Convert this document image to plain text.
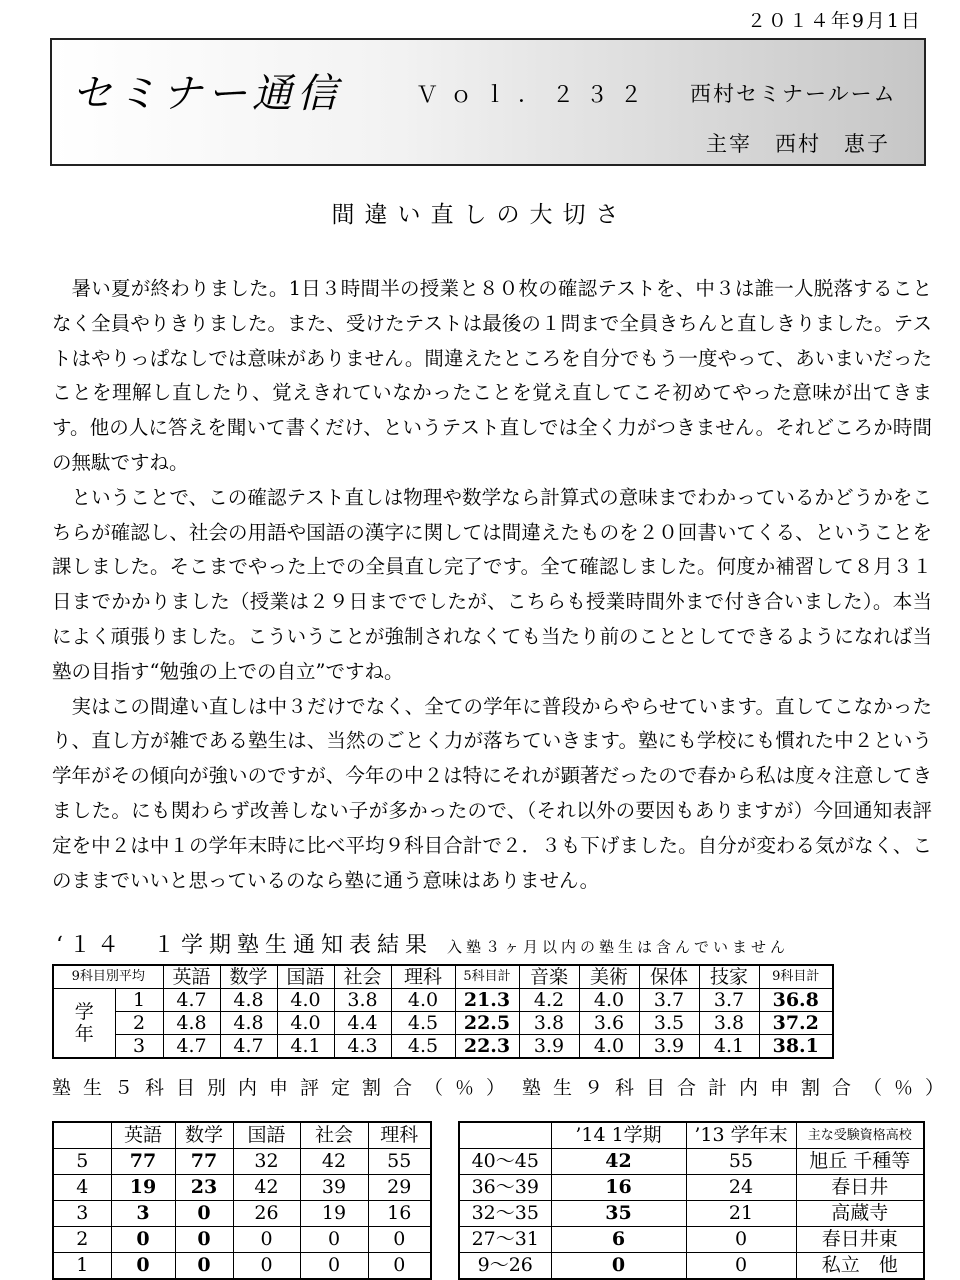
２０１４年9月1日
セミナー通信	Ｖｏｌ．２３２ 西村セミナールーム
主宰　西村　恵子
間違い直しの大切さ

暑い夏が終わりました。1日３時間半の授業と８０枚の確認テストを、中３は誰一人脱落することなく全員やりきりました。また、受けたテストは最後の１問まで全員きちんと直しきりました。テストはやりっぱなしでは意味がありません。間違えたところを自分でもう一度やって、あいまいだったことを理解し直したり、覚えきれていなかったことを覚え直してこそ初めてやった意味が出てきます。他の人に答えを聞いて書くだけ、というテスト直しでは全く力がつきません。それどころか時間の無駄ですね。

ということで、この確認テスト直しは物理や数学なら計算式の意味までわかっているかどうかをこちらが確認し、社会の用語や国語の漢字に関しては間違えたものを２０回書いてくる、ということを課しました。そこまでやった上での全員直し完了です。全て確認しました。何度か補習して８月３１日までかかりました（授業は２９日まででしたが、こちらも授業時間外まで付き合いました）。本当によく頑張りました。こういうことが強制されなくても当たり前のこととしてできるようになれば当塾の目指す“勉強の上での自立”ですね。

実はこの間違い直しは中３だけでなく、全ての学年に普段からやらせています。直してこなかったり、直し方が雑である塾生は、当然のごとく力が落ちていきます。塾にも学校にも慣れた中２という学年がその傾向が強いのですが、今年の中２は特にそれが顕著だったので春から私は度々注意してきました。にも関わらず改善しない子が多かったので、（それ以外の要因もありますが）今回通知表評定を中２は中１の学年末時に比べ平均９科目合計で２．３も下げました。自分が変わる気がなく、このままでいいと思っているのなら塾に通う意味はありません。

‘１４　１学期塾生通知表結果 入塾３ヶ月以内の塾生は含んでいません
9科目別平均		英語	数学	国語	社会	理科	5科目計	音楽	美術	保体	技家	9科目計
学
年	1	4.7	4.8	4.0	3.8	4.0	21.3	4.2	4.0	3.7	3.7	36.8
	2	4.8	4.8	4.0	4.4	4.5	22.5	3.8	3.6	3.5	3.8	37.2
	3	4.7	4.7	4.1	4.3	4.5	22.3	3.9	4.0	3.9	4.1	38.1
塾生５科目別内申評定割合（％） 塾生９科目合計内申割合（％）
	英語	数学	国語	社会	理科
5	77	77	32	42	55
4	19	23	42	39	29
3	3	0	26	19	16
2	0	0	0	0	0
1	0	0	0	0	0
	’14 1学期	’13 学年末	主な受験資格高校
40～45	42	55	旭丘 千種等
36～39	16	24	春日井
32～35	35	21	高蔵寺
27～31	6	0	春日井東
9～26	0	0	私立　他
